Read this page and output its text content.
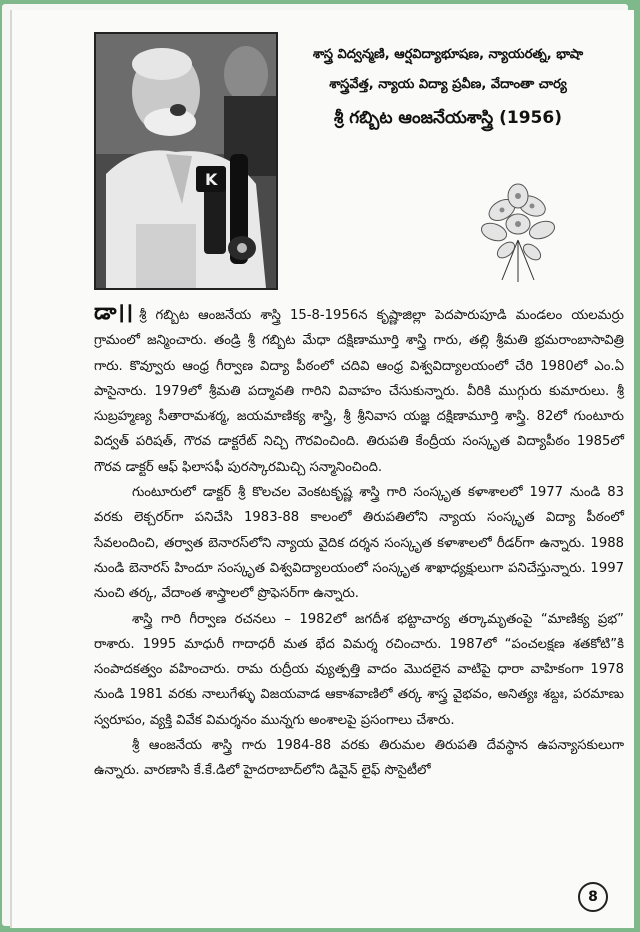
K
శాస్త్ర విద్వన్మణి, ఆర్షవిద్యాభూషణ, న్యాయరత్న, భాషా
శాస్త్రవేత్త, న్యాయ విద్యా ప్రవీణ, వేదాంతా చార్య
శ్రీ గబ్బిట ఆంజనేయశాస్త్రి (1956)

డా।। శ్రీ గబ్బిట ఆంజనేయ శాస్త్రి 15-8-1956న కృష్ణాజిల్లా పెదపారుపూడి మండలం యలమర్రు గ్రామంలో జన్మించారు. తండ్రి శ్రీ గబ్బిట మేధా దక్షిణామూర్తి శాస్త్రి గారు, తల్లి శ్రీమతి భ్రమరాంబాసావిత్రి గారు. కొవ్వూరు ఆంధ్ర గీర్వాణ విద్యా పీఠంలో చదివి ఆంధ్ర విశ్వవిద్యాలయంలో చేరి 1980లో ఎం.ఏ పాసైనారు. 1979లో శ్రీమతి పద్మావతి గారిని వివాహం చేసుకున్నారు. వీరికి ముగ్గురు కుమారులు. శ్రీ సుబ్రహ్మణ్య సీతారామశర్మ, జయమాణిక్య శాస్త్రి, శ్రీ శ్రీనివాస యజ్ఞ దక్షిణామూర్తి శాస్త్రి. 82లో గుంటూరు విద్వత్ పరిషత్, గౌరవ డాక్టరేట్ నిచ్చి గౌరవించింది. తిరుపతి కేంద్రీయ సంస్కృత విద్యాపీఠం 1985లో గౌరవ డాక్టర్ ఆఫ్ ఫిలాసఫీ పురస్కారమిచ్చి సన్మానించింది.

గుంటూరులో డాక్టర్ శ్రీ కొలచల వెంకటకృష్ణ శాస్త్రి గారి సంస్కృత కళాశాలలో 1977 నుండి 83 వరకు లెక్చరర్‌గా పనిచేసి 1983-88 కాలంలో తిరుపతిలోని న్యాయ సంస్కృత విద్యా పీఠంలో సేవలందించి, తర్వాత బెనారస్‌లోని న్యాయ వైదిక దర్శన సంస్కృత కళాశాలలో రీడర్‌గా ఉన్నారు. 1988 నుండి బెనారస్ హిందూ సంస్కృత విశ్వవిద్యాలయంలో సంస్కృత శాఖాధ్యక్షులుగా పనిచేస్తున్నారు. 1997 నుంచి తర్క, వేదాంత శాస్త్రాలలో ప్రొఫెసర్‌గా ఉన్నారు.

శాస్త్రి గారి గీర్వాణ రచనలు – 1982లో జగదీశ భట్టాచార్య తర్కామృతంపై “మాణిక్య ప్రభ” రాశారు. 1995 మాధురీ గాదాధరీ మత భేద విమర్శ రచించారు. 1987లో “పంచలక్షణ శతకోటి”కి సంపాదకత్వం వహించారు. రామ రుద్రీయ వ్యుత్పత్తి వాదం మొదలైన వాటిపై ధారా వాహికంగా 1978 నుండి 1981 వరకు నాలుగేళ్ళు విజయవాడ ఆకాశవాణిలో తర్క శాస్త్ర వైభవం, అనిత్యః శబ్దః, పరమాణు స్వరూపం, వ్యక్తి వివేక విమర్శనం మున్నగు అంశాలపై ప్రసంగాలు చేశారు.

శ్రీ ఆంజనేయ శాస్త్రి గారు 1984-88 వరకు తిరుమల తిరుపతి దేవస్థాన ఉపన్యాసకులుగా ఉన్నారు. వారణాసి కే.కే.డిలో హైదరాబాద్‌లోని డివైన్ లైఫ్ సొసైటీలో

8
